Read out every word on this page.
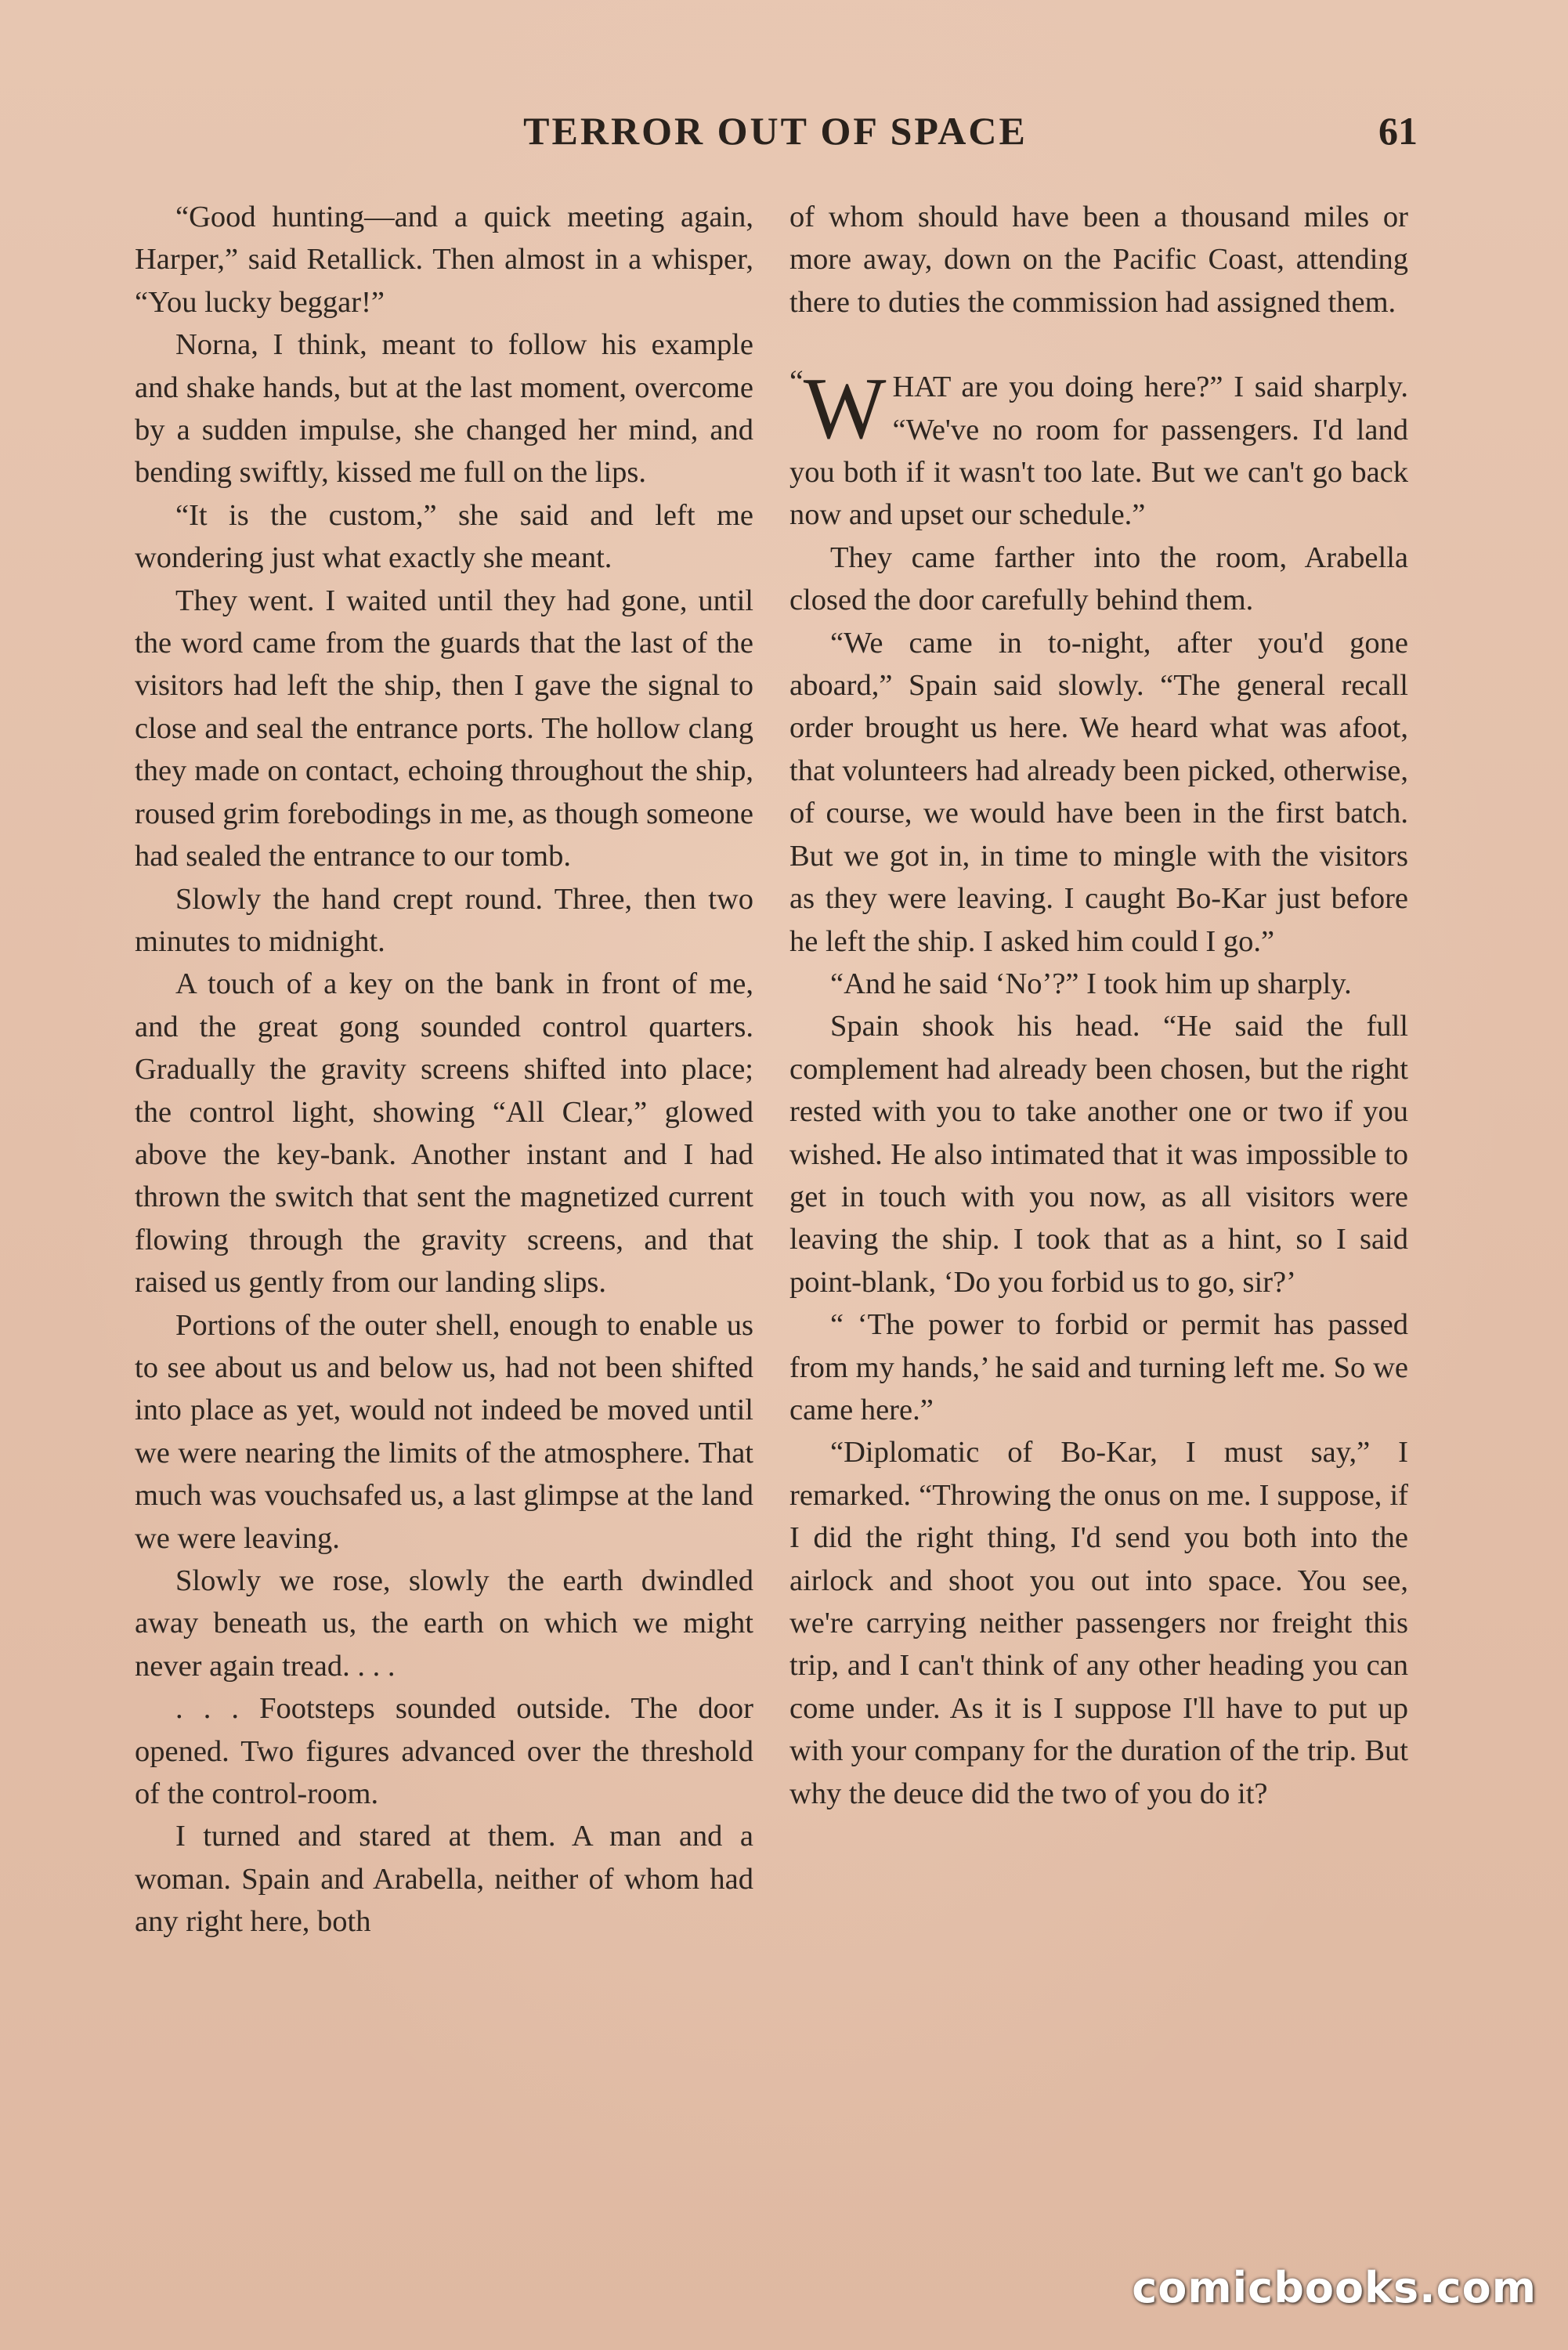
TERROR OUT OF SPACE	61

“Good hunting—and a quick meeting again, Harper,” said Retallick. Then almost in a whisper, “You lucky beggar!”

Norna, I think, meant to follow his example and shake hands, but at the last moment, overcome by a sudden impulse, she changed her mind, and bending swiftly, kissed me full on the lips.

“It is the custom,” she said and left me wondering just what exactly she meant.

They went. I waited until they had gone, until the word came from the guards that the last of the visitors had left the ship, then I gave the signal to close and seal the entrance ports. The hollow clang they made on contact, echoing throughout the ship, roused grim forebodings in me, as though someone had sealed the entrance to our tomb.

Slowly the hand crept round. Three, then two minutes to midnight.

A touch of a key on the bank in front of me, and the great gong sounded control quarters. Gradually the gravity screens shifted into place; the control light, showing “All Clear,” glowed above the key-bank. Another instant and I had thrown the switch that sent the magnetized current flowing through the gravity screens, and that raised us gently from our landing slips.

Portions of the outer shell, enough to enable us to see about us and below us, had not been shifted into place as yet, would not indeed be moved until we were nearing the limits of the atmosphere. That much was vouchsafed us, a last glimpse at the land we were leaving.

Slowly we rose, slowly the earth dwindled away beneath us, the earth on which we might never again tread. . . .

. . . Footsteps sounded outside. The door opened. Two figures advanced over the threshold of the control-room.

I turned and stared at them. A man and a woman. Spain and Arabella, neither of whom had any right here, both

of whom should have been a thousand miles or more away, down on the Pacific Coast, attending there to duties the commission had assigned them.

“ W HAT are you doing here?” I said sharply. “We've no room for passengers. I'd land you both if it wasn't too late. But we can't go back now and upset our schedule.”

They came farther into the room, Arabella closed the door carefully behind them.

“We came in to-night, after you'd gone aboard,” Spain said slowly. “The general recall order brought us here. We heard what was afoot, that volunteers had already been picked, otherwise, of course, we would have been in the first batch. But we got in, in time to mingle with the visitors as they were leaving. I caught Bo-Kar just before he left the ship. I asked him could I go.”

“And he said ‘No’?” I took him up sharply.

Spain shook his head. “He said the full complement had already been chosen, but the right rested with you to take another one or two if you wished. He also intimated that it was impossible to get in touch with you now, as all visitors were leaving the ship. I took that as a hint, so I said point-blank, ‘Do you forbid us to go, sir?’

“ ‘The power to forbid or permit has passed from my hands,’ he said and turning left me. So we came here.”

“Diplomatic of Bo-Kar, I must say,” I remarked. “Throwing the onus on me. I suppose, if I did the right thing, I'd send you both into the airlock and shoot you out into space. You see, we're carrying neither passengers nor freight this trip, and I can't think of any other heading you can come under. As it is I suppose I'll have to put up with your company for the duration of the trip. But why the deuce did the two of you do it?

comicbooks.com
